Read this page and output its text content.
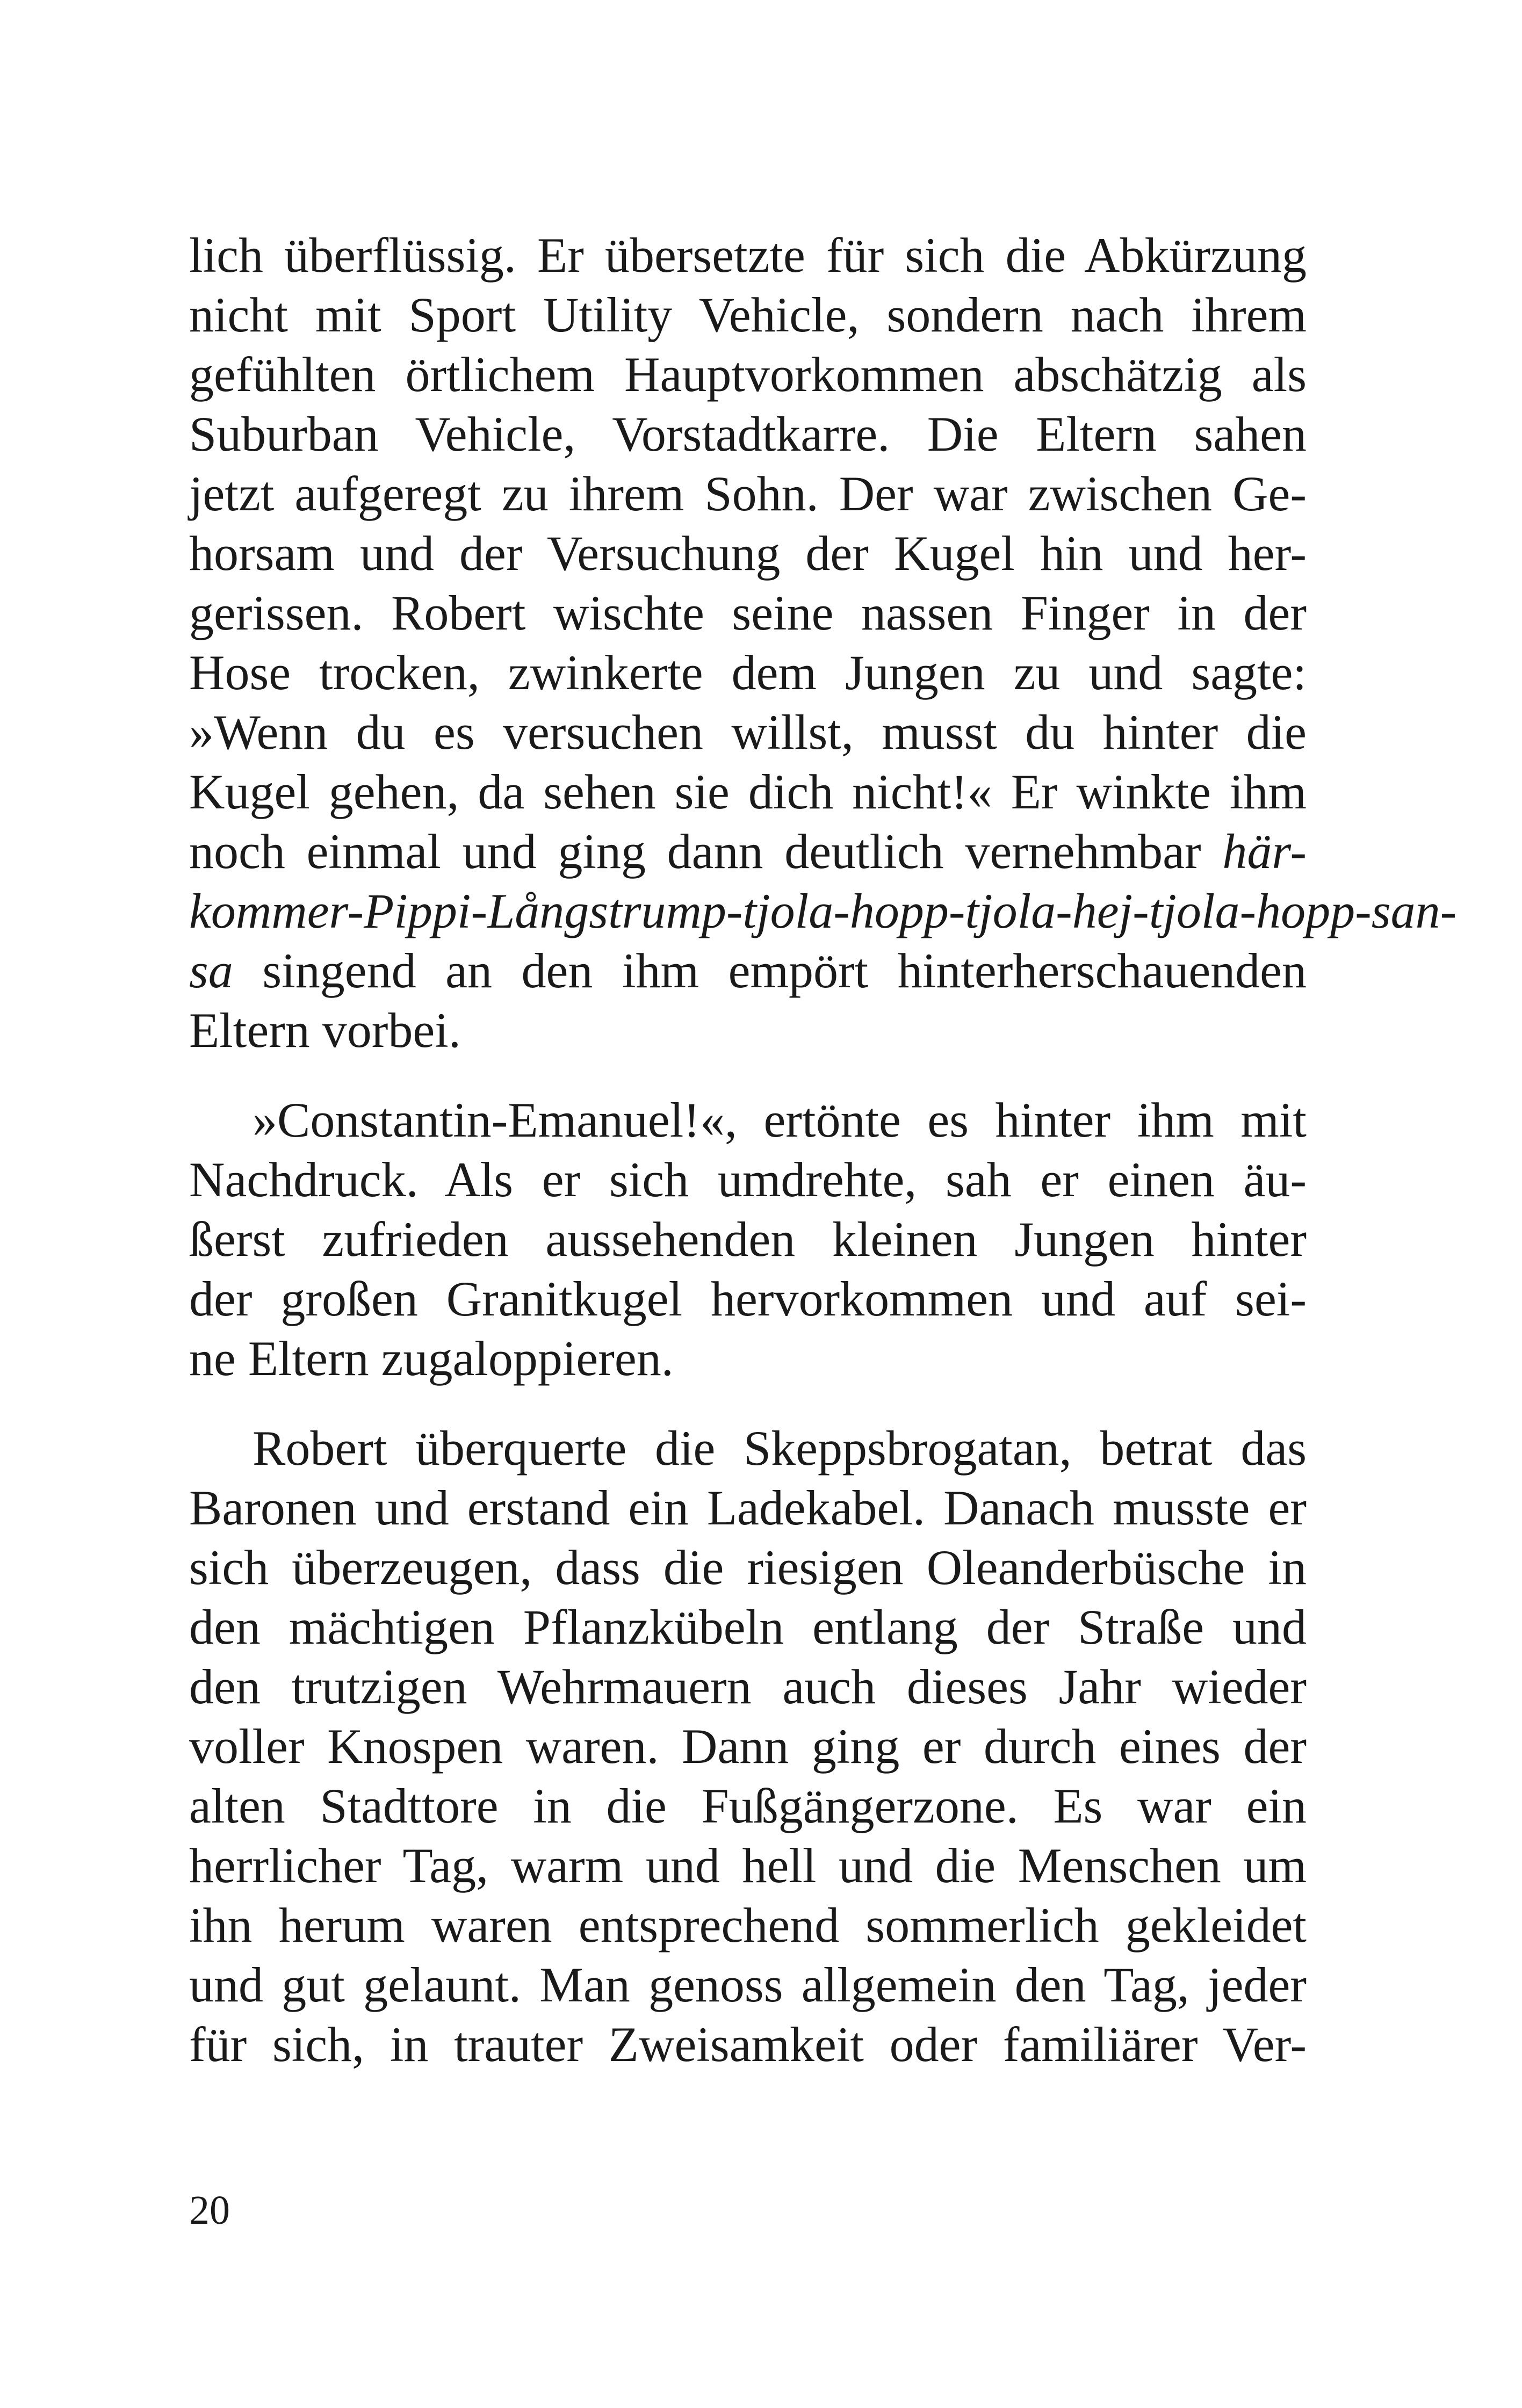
lich überflüssig. Er übersetzte für sich die Abkürzung
nicht mit Sport Utility Vehicle, sondern nach ihrem
gefühlten örtlichem Hauptvorkommen abschätzig als
Suburban Vehicle, Vorstadtkarre. Die Eltern sahen
jetzt aufgeregt zu ihrem Sohn. Der war zwischen Ge-
horsam und der Versuchung der Kugel hin und her-
gerissen. Robert wischte seine nassen Finger in der
Hose trocken, zwinkerte dem Jungen zu und sagte:
»Wenn du es versuchen willst, musst du hinter die
Kugel gehen, da sehen sie dich nicht!« Er winkte ihm
noch einmal und ging dann deutlich vernehmbar här-
kommer-Pippi-Långstrump-tjola-hopp-tjola-hej-tjola-hopp-san-
sa singend an den ihm empört hinterherschauenden
Eltern vorbei.
»Constantin-Emanuel!«, ertönte es hinter ihm mit
Nachdruck. Als er sich umdrehte, sah er einen äu-
ßerst zufrieden aussehenden kleinen Jungen hinter
der großen Granitkugel hervorkommen und auf sei-
ne Eltern zugaloppieren.
Robert überquerte die Skeppsbrogatan, betrat das
Baronen und erstand ein Ladekabel. Danach musste er
sich überzeugen, dass die riesigen Oleanderbüsche in
den mächtigen Pflanzkübeln entlang der Straße und
den trutzigen Wehrmauern auch dieses Jahr wieder
voller Knospen waren. Dann ging er durch eines der
alten Stadttore in die Fußgängerzone. Es war ein
herrlicher Tag, warm und hell und die Menschen um
ihn herum waren entsprechend sommerlich gekleidet
und gut gelaunt. Man genoss allgemein den Tag, jeder
für sich, in trauter Zweisamkeit oder familiärer Ver-
20
